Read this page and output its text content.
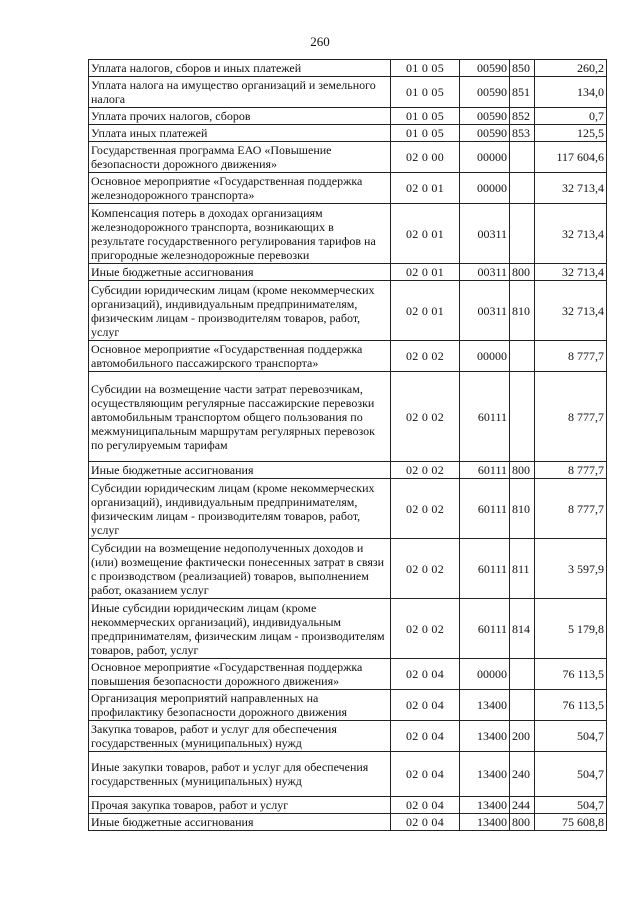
260
Уплата налогов, сборов и иных платежей	01 0 05	00590	850	260,2
Уплата налога на имущество организаций и земельного налога	01 0 05	00590	851	134,0
Уплата прочих налогов, сборов	01 0 05	00590	852	0,7
Уплата иных платежей	01 0 05	00590	853	125,5
Государственная программа ЕАО «Повышение безопасности дорожного движения»	02 0 00	00000		117 604,6
Основное мероприятие «Государственная поддержка железнодорожного транспорта»	02 0 01	00000		32 713,4
Компенсация потерь в доходах организациям железнодорожного транспорта, возникающих в результате государственного регулирования тарифов на пригородные железнодорожные перевозки	02 0 01	00311		32 713,4
Иные бюджетные ассигнования	02 0 01	00311	800	32 713,4
Субсидии юридическим лицам (кроме некоммерческих организаций), индивидуальным предпринимателям, физическим лицам - производителям товаров, работ, услуг	02 0 01	00311	810	32 713,4
Основное мероприятие «Государственная поддержка автомобильного пассажирского транспорта»	02 0 02	00000		8 777,7
Субсидии на возмещение части затрат перевозчикам, осуществляющим регулярные пассажирские перевозки автомобильным транспортом общего пользования по межмуниципальным маршрутам регулярных перевозок по регулируемым тарифам	02 0 02	60111		8 777,7
Иные бюджетные ассигнования	02 0 02	60111	800	8 777,7
Субсидии юридическим лицам (кроме некоммерческих организаций), индивидуальным предпринимателям, физическим лицам - производителям товаров, работ, услуг	02 0 02	60111	810	8 777,7
Субсидии на возмещение недополученных доходов и (или) возмещение фактически понесенных затрат в связи с производством (реализацией) товаров, выполнением работ, оказанием услуг	02 0 02	60111	811	3 597,9
Иные субсидии юридическим лицам (кроме некоммерческих организаций), индивидуальным предпринимателям, физическим лицам - производителям товаров, работ, услуг	02 0 02	60111	814	5 179,8
Основное мероприятие «Государственная поддержка повышения безопасности дорожного движения»	02 0 04	00000		76 113,5
Организация мероприятий направленных на профилактику безопасности дорожного движения	02 0 04	13400		76 113,5
Закупка товаров, работ и услуг для обеспечения государственных (муниципальных) нужд	02 0 04	13400	200	504,7
Иные закупки товаров, работ и услуг для обеспечения государственных (муниципальных) нужд	02 0 04	13400	240	504,7
Прочая закупка товаров, работ и услуг	02 0 04	13400	244	504,7
Иные бюджетные ассигнования	02 0 04	13400	800	75 608,8
